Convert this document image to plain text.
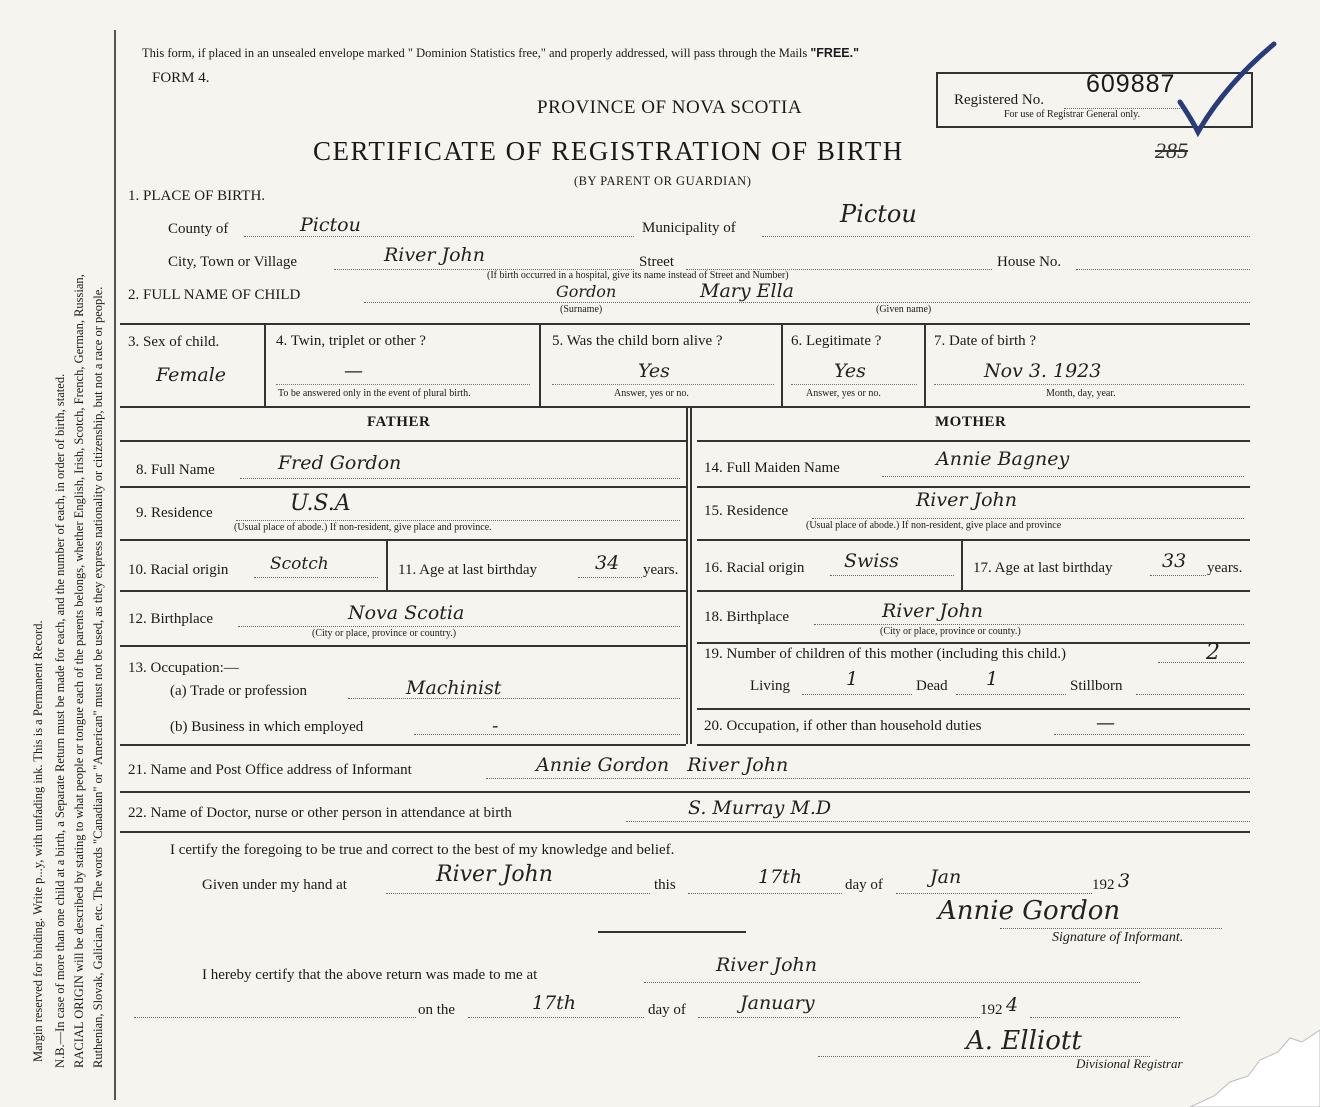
Margin reserved for binding. Write p...y, with unfading ink. This is a Permanent Record. N.B.—In case of more than one child at a birth, a Separate Return must be made for each, and the number of each, in order of birth, stated. RACIAL ORIGIN will be described by stating to what people or tongue each of the parents belongs, whether English, Irish, Scotch, French, German, Russian, Ruthenian, Slovak, Galician, etc. The words "Canadian" or "American" must not be used, as they express nationality or citizenship, but not a race or people.
This form, if placed in an unsealed envelope marked " Dominion Statistics free," and properly addressed, will pass through the Mails "FREE."
FORM 4.
PROVINCE OF NOVA SCOTIA	Registered No.
609887
For use of Registrar General only.
CERTIFICATE OF REGISTRATION OF BIRTH	285
(BY PARENT OR GUARDIAN)
1. PLACE OF BIRTH.
County of	Pictou	Municipality of	Pictou
City, Town or Village	River John	Street	House No.
(If birth occurred in a hospital, give its name instead of Street and Number)
2. FULL NAME OF CHILD	Gordon	Mary Ella
(Surname)	(Given name)
3. Sex of child.
Female
4. Twin, triplet or other ?
—
To be answered only in the event of plural birth.
5. Was the child born alive ?
Yes
Answer, yes or no.
6. Legitimate ?
Yes
Answer, yes or no.
7. Date of birth ?
Nov 3. 1923
Month, day, year.
FATHER	MOTHER
8. Full Name	Fred Gordon
9. Residence	U.S.A
(Usual place of abode.) If non-resident, give place and province.
10. Racial origin Scotch	11. Age at last birthday	34 years.
12. Birthplace	Nova Scotia
(City or place, province or country.)
13. Occupation:—
(a) Trade or profession	Machinist
(b) Business in which employed	-
14. Full Maiden Name	Annie Bagney
15. Residence	River John
(Usual place of abode.) If non-resident, give place and province
16. Racial origin Swiss	17. Age at last birthday	33 years.
18. Birthplace	River John
(City or place, province or county.)
19. Number of children of this mother (including this child.)	2
Living	1	Dead 1	Stillborn
20. Occupation, if other than household duties	—
21. Name and Post Office address of Informant	Annie Gordon   River John
22. Name of Doctor, nurse or other person in attendance at birth	S. Murray M.D
I certify the foregoing to be true and correct to the best of my knowledge and belief.
Given under my hand at	River John	this	17th	day of Jan	192 3
Annie Gordon
Signature of Informant.
I hereby certify that the above return was made to me at	River John
on the	17th	day of	January	192 4
A. Elliott
Divisional Registrar
